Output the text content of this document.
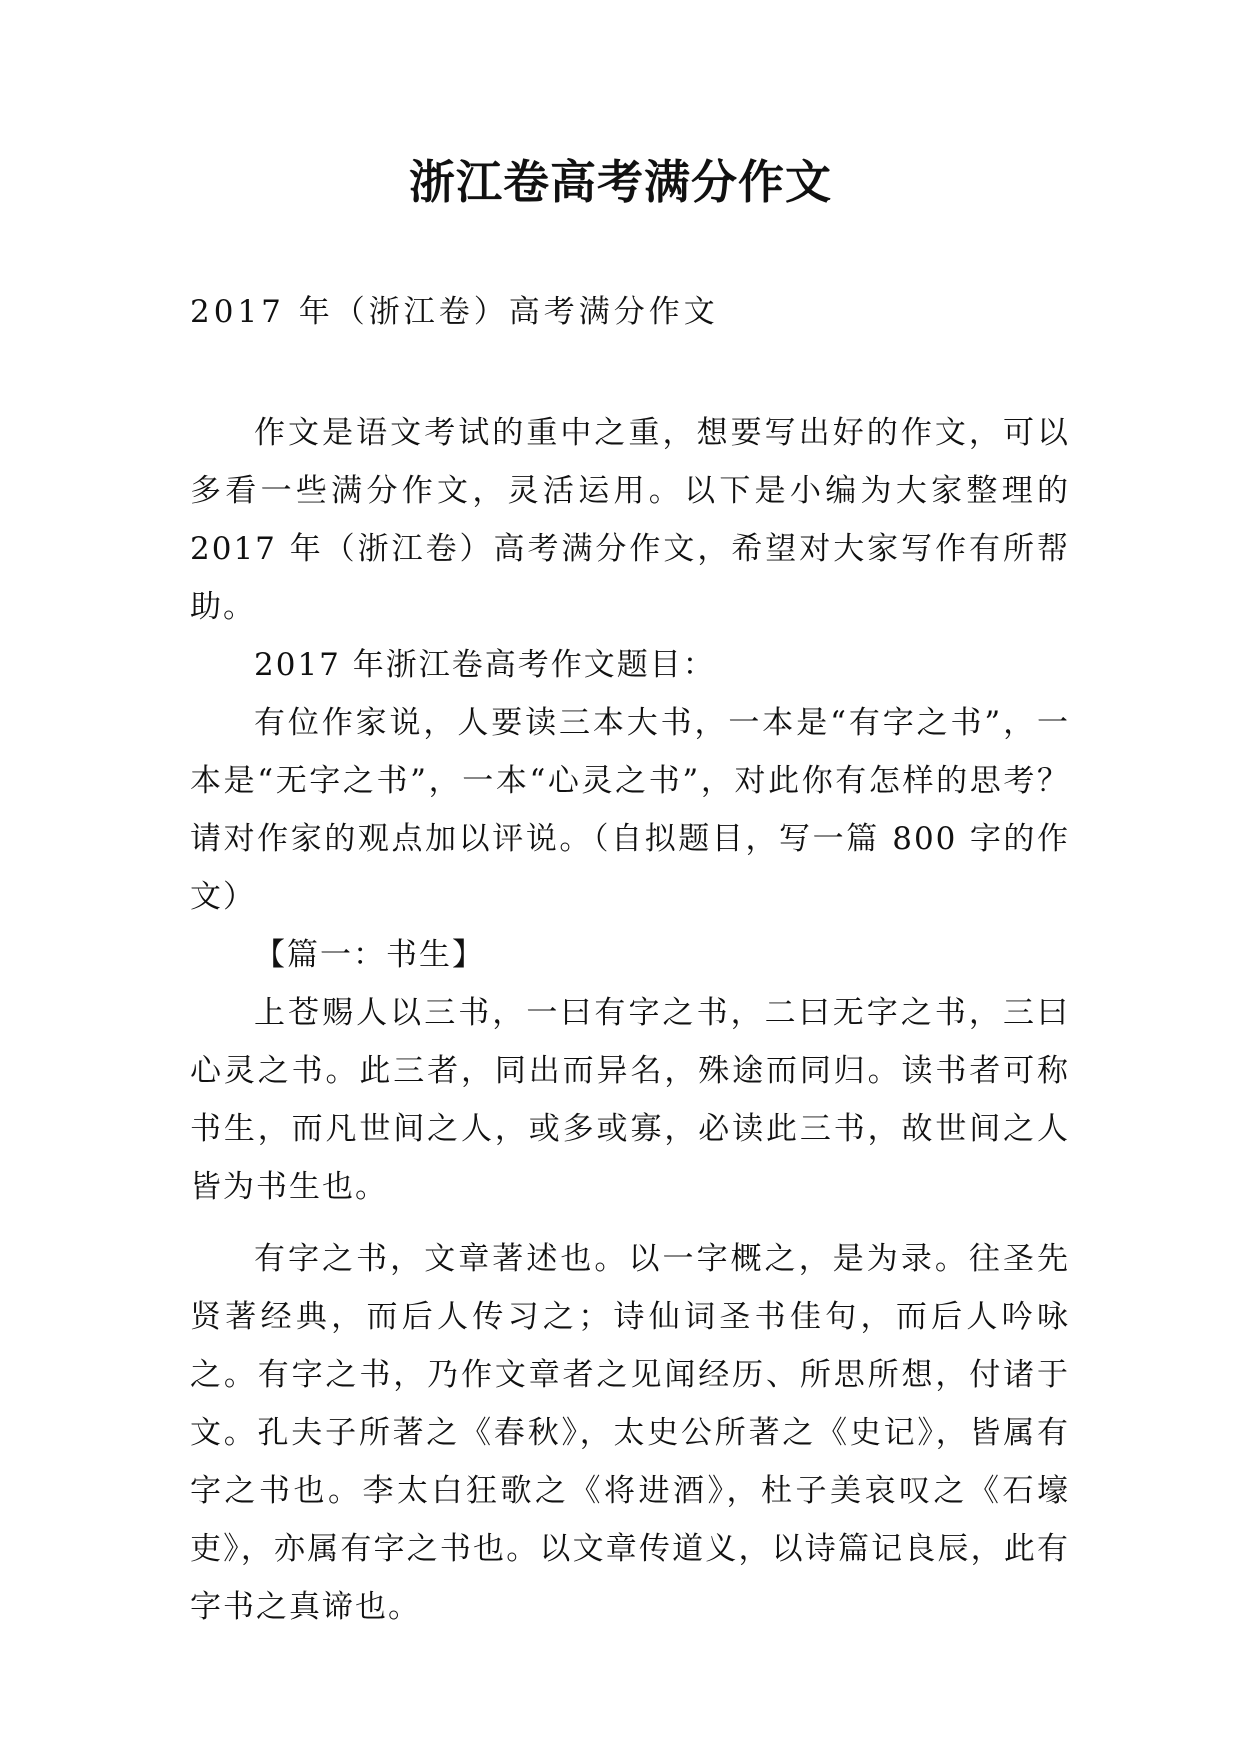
浙江卷高考满分作文
2017 年（浙江卷）高考满分作文

作文是语文考试的重中之重，想要写出好的作文，可以多看一些满分作文，灵活运用。以下是小编为大家整理的2017 年（浙江卷）高考满分作文，希望对大家写作有所帮助。

2017 年浙江卷高考作文题目：

有位作家说，人要读三本大书，一本是“有字之书”，一本是“无字之书”，一本“心灵之书”，对此你有怎样的思考？请对作家的观点加以评说。（自拟题目，写一篇 800 字的作文）

【篇一：书生】

上苍赐人以三书，一曰有字之书，二曰无字之书，三曰心灵之书。此三者，同出而异名，殊途而同归。读书者可称书生，而凡世间之人，或多或寡，必读此三书，故世间之人皆为书生也。

有字之书，文章著述也。以一字概之，是为录。往圣先贤著经典，而后人传习之；诗仙词圣书佳句，而后人吟咏之。有字之书，乃作文章者之见闻经历、所思所想，付诸于文。孔夫子所著之《春秋》，太史公所著之《史记》，皆属有字之书也。李太白狂歌之《将进酒》，杜子美哀叹之《石壕吏》，亦属有字之书也。以文章传道义，以诗篇记良辰，此有字书之真谛也。
